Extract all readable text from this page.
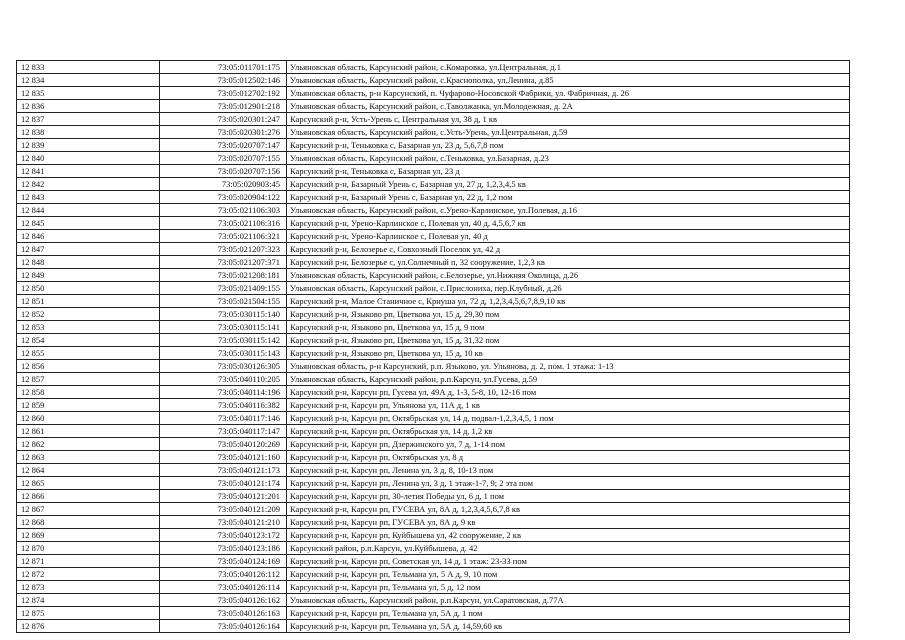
12 833	73:05:011701:175	Ульяновская область, Карсунский район, с.Комаровка, ул.Центральная, д.1
12 834	73:05:012502:146	Ульяновская область, Карсунский район, с.Краснополка, ул.Ленина, д.85
12 835	73:05:012702:192	Ульяновская область, р-н Карсунский, п. Чуфарово-Носовской Фабрики, ул. Фабричная, д. 26
12 836	73:05:012901:218	Ульяновская область, Карсунский район, с.Таволжанка, ул.Молодежная, д. 2А
12 837	73:05:020301:247	Карсунский р-н, Усть-Урень с, Центральная ул, 38 д, 1 кв
12 838	73:05:020301:276	Ульяновская область, Карсунский район, с.Усть-Урень, ул.Центральная, д.59
12 839	73:05:020707:147	Карсунский р-н, Теньковка с, Базарная ул, 23 д, 5,6,7,8 пом
12 840	73:05:020707:155	Ульяновская область, Карсунский район, с.Теньковка, ул.Базарная, д.23
12 841	73:05:020707:156	Карсунский р-н, Теньковка с, Базарная ул, 23 д
12 842	73:05:020903:45	Карсунский р-н, Базарный Урень с, Базарная ул, 27 д, 1,2,3,4,5 кв
12 843	73:05:020904:122	Карсунский р-н, Базарный Урень с, Базарная ул, 22 д, 1,2 пом
12 844	73:05:021106:303	Ульяновская область, Карсунский район, с.Урено-Карлинское, ул.Полевая, д.16
12 845	73:05:021106:316	Карсунский р-н, Урено-Карлинское с, Полевая ул, 40 д, 4,5,6,7 кв
12 846	73:05:021106:321	Карсунский р-н, Урено-Карлинское с, Полевая ул, 40 д
12 847	73:05:021207:323	Карсунский р-н, Белозерье с, Совхозный Поселок ул, 42 д
12 848	73:05:021207:371	Карсунский р-н, Белозерье с, ул.Солнечный п, 32 сооружение, 1,2,3 кв
12 849	73:05:021208:181	Ульяновская область, Карсунский район, с.Белозерье, ул.Нижняя Околица, д.26
12 850	73:05:021409:155	Ульяновская область, Карсунский район, с.Прислониха, пер.Клубный, д.26
12 851	73:05:021504:155	Карсунский р-н, Малое Станичное с, Крнуша ул, 72 д, 1,2,3,4,5,6,7,8,9,10 кв
12 852	73:05:030115:140	Карсунский р-н, Языково рп, Цветкова ул, 15 д, 29,30 пом
12 853	73:05:030115:141	Карсунский р-н, Языково рп, Цветкова ул, 15 д, 9 пом
12 854	73:05:030115:142	Карсунский р-н, Языково рп, Цветкова ул, 15 д, 31,32 пом
12 855	73:05:030115:143	Карсунский р-н, Языково рп, Цветкова ул, 15 д, 10 кв
12 856	73:05:030126:305	Ульяновская область, р-н Карсунский, р.п. Языково, ул. Ульянова, д. 2, пом. 1 этажа: 1-13
12 857	73:05:040110:205	Ульяновская область, Карсунский район, р.п.Карсун, ул.Гусева, д.59
12 858	73:05:040114:196	Карсунский р-н, Карсун рп, Гусева ул, 49А д, 1-3, 5-8, 10, 12-16 пом
12 859	73:05:040116:382	Карсунский р-н, Карсун рп, Ульянова ул, 11А д, 1 кв
12 860	73:05:040117:146	Карсунский р-н, Карсун рп, Октябрьская ул, 14 д, подвал-1,2,3,4,5, 1 пом
12 861	73:05:040117:147	Карсунский р-н, Карсун рп, Октябрьская ул, 14 д, 1,2 кв
12 862	73:05:040120:269	Карсунский р-н, Карсун рп, Дзержинского ул, 7 д, 1-14 пом
12 863	73:05:040121:160	Карсунский р-н, Карсун рп, Октябрьская ул, 8 д
12 864	73:05:040121:173	Карсунский р-н, Карсун рп, Ленина ул, 3 д, 8, 10-13 пом
12 865	73:05:040121:174	Карсунский р-н, Карсун рп, Ленина ул, 3 д, 1 этаж-1-7, 9; 2 эта пом
12 866	73:05:040121:201	Карсунский р-н, Карсун рп, 30-летия Победы ул, 6 д, 1 пом
12 867	73:05:040121:209	Карсунский р-н, Карсун рп, ГУСЕВА ул, 8А д, 1,2,3,4,5,6,7,8 кв
12 868	73:05:040121:210	Карсунский р-н, Карсун рп, ГУСЕВА ул, 8А д, 9 кв
12 869	73:05:040123:172	Карсунский р-н, Карсун рп, Куйбышева ул, 42 сооружение, 2 кв
12 870	73:05:040123:186	Карсунский район, р.п.Карсун, ул.Куйбышева, д. 42
12 871	73:05:040124:169	Карсунский р-н, Карсун рп, Советская ул, 14 д, 1 этаж: 23-33 пом
12 872	73:05:040126:112	Карсунский р-н, Карсун рп, Тельмана ул, 5 А д, 9, 10 пом
12 873	73:05:040126:114	Карсунский р-н, Карсун рп, Тельмана ул, 5 д, 12 пом
12 874	73:05:040126:162	Ульяновская область, Карсунский район, р.п.Карсун, ул.Саратовская, д.77А
12 875	73:05:040126:163	Карсунский р-н, Карсун рп, Тельмана ул, 5А д, 1 пом
12 876	73:05:040126:164	Карсунский р-н, Карсун рп, Тельмана ул, 5А д, 14,59,60 кв
